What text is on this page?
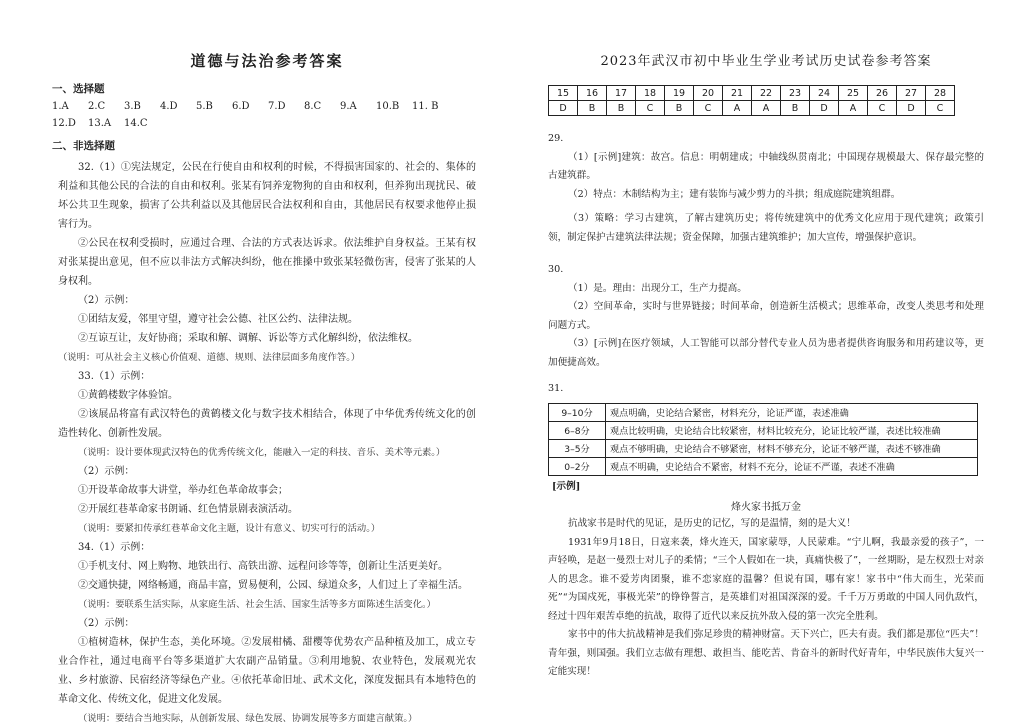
道德与法治参考答案
一、选择题
1.A	2.C	3.B	4.D	5.B	6.D	7.D	8.C	9.A	10.B	11. B
12.D	13.A	14.C
二、非选择题

32.（1）①宪法规定，公民在行使自由和权利的时候，不得损害国家的、社会的、集体的利益和其他公民的合法的自由和权利。张某有饲养宠物狗的自由和权利，但养狗出现扰民、破坏公共卫生现象，损害了公共利益以及其他居民合法权利和自由，其他居民有权要求他停止损害行为。

②公民在权利受损时，应通过合理、合法的方式表达诉求。依法维护自身权益。王某有权对张某提出意见，但不应以非法方式解决纠纷，他在推搡中致张某轻微伤害，侵害了张某的人身权利。

（2）示例：

①团结友爱，邻里守望，遵守社会公德、社区公约、法律法规。

②互谅互让，友好协商；采取和解、调解、诉讼等方式化解纠纷，依法维权。

（说明：可从社会主义核心价值观、道德、规则、法律层面多角度作答。）

33.（1）示例：

①黄鹤楼数字体验馆。

②该展品将富有武汉特色的黄鹤楼文化与数字技术相结合，体现了中华优秀传统文化的创造性转化、创新性发展。

（说明：设计要体现武汉特色的优秀传统文化，能融入一定的科技、音乐、美术等元素。）

（2）示例：

①开设革命故事大讲堂，举办红色革命故事会；

②开展红巷革命家书朗诵、红色情景剧表演活动。

（说明：要紧扣传承红巷革命文化主题，设计有意义、切实可行的活动。）

34.（1）示例：

①手机支付、网上购物、地铁出行、高铁出游、远程问诊等等，创新让生活更美好。

②交通快捷，网络畅通，商品丰富，贸易便利，公园、绿道众多，人们过上了幸福生活。

（说明：要联系生活实际，从家庭生活、社会生活、国家生活等多方面陈述生活变化。）

（2）示例：

①植树造林，保护生态，美化环境。②发展柑橘、甜樱等优势农产品种植及加工，成立专业合作社，通过电商平台等多渠道扩大农副产品销量。③利用地貌、农业特色，发展观光农业、乡村旅游、民宿经济等绿色产业。④依托革命旧址、武术文化，深度发掘具有本地特色的革命文化、传统文化，促进文化发展。

（说明：要结合当地实际，从创新发展、绿色发展、协调发展等多方面建言献策。）

2023年武汉市初中毕业生学业考试历史试卷参考答案
15	16	17	18	19	20	21	22	23	24	25	26	27	28
D	B	B	C	B	C	A	A	B	D	A	C	D	C

29.

（1）[示例]建筑：故宫。信息：明朝建成；中轴线纵贯南北；中国现存规模最大、保存最完整的古建筑群。

（2）特点：木制结构为主；建有装饰与减少剪力的斗拱；组成庭院建筑组群。

（3）策略：学习古建筑，了解古建筑历史；将传统建筑中的优秀文化应用于现代建筑；政策引领，制定保护古建筑法律法规；资金保障，加强古建筑维护；加大宣传，增强保护意识。

30.

（1）是。理由：出现分工，生产力提高。

（2）空间革命，实时与世界链接；时间革命，创造新生活模式；思维革命，改变人类思考和处理问题方式。

（3）[示例]在医疗领域，人工智能可以部分替代专业人员为患者提供咨询服务和用药建议等，更加便捷高效。

31.

9–10分	观点明确，史论结合紧密，材料充分，论证严谨，表述准确
6–8分	观点比较明确，史论结合比较紧密，材料比较充分，论证比较严谨，表述比较准确
3–5分	观点不够明确，史论结合不够紧密，材料不够充分，论证不够严谨，表述不够准确
0–2分	观点不明确，史论结合不紧密，材料不充分，论证不严谨，表述不准确

[示例]

烽火家书抵万金

抗战家书是时代的见证，是历史的记忆，写的是温情，刻的是大义！

1931年9月18日，日寇来袭，烽火连天，国家蒙辱，人民蒙难。“宁儿啊，我最亲爱的孩子”，一声轻唤，是赵一曼烈士对儿子的柔情；“三个人假如在一块，真痛快极了”，一丝期盼，是左权烈士对亲人的思念。谁不爱芳肉团聚，谁不恋家庭的温馨？但说有国，哪有家！家书中“伟大而生，光荣而死”“为国戍死，事极光荣”的铮铮誓言，是英雄们对祖国深深的爱。千千万万勇敢的中国人同仇敌忾，经过十四年艰苦卓绝的抗战，取得了近代以来反抗外敌入侵的第一次完全胜利。

家书中的伟大抗战精神是我们弥足珍贵的精神财富。天下兴亡，匹夫有责。我们都是那位“匹夫”！青年强，则国强。我们立志做有理想、敢担当、能吃苦、肯奋斗的新时代好青年，中华民族伟大复兴一定能实现！
